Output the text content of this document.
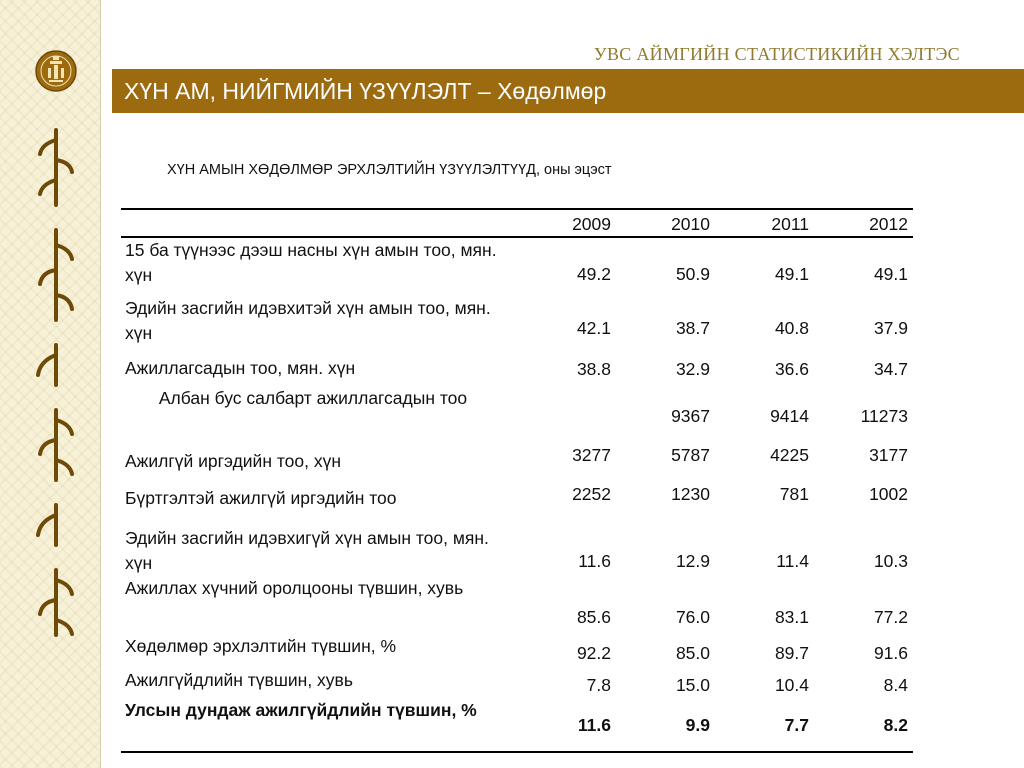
УВС АЙМГИЙН СТАТИСТИКИЙН ХЭЛТЭС
ХҮН АМ, НИЙГМИЙН ҮЗҮҮЛЭЛТ – Хөдөлмөр
ХҮН АМЫН ХӨДӨЛМӨР ЭРХЛЭЛТИЙН ҮЗҮҮЛЭЛТҮҮД, оны эцэст
	2009	2010	2011	2012
15 ба түүнээс дээш насны хүн амын тоо, мян. хүн	49.2	50.9	49.1	49.1
Эдийн засгийн идэвхитэй хүн амын тоо, мян. хүн	42.1	38.7	40.8	37.9
Ажиллагсадын тоо, мян. хүн	38.8	32.9	36.6	34.7
Албан бус салбарт ажиллагсадын тоо		9367	9414	11273
Ажилгүй иргэдийн тоо, хүн	3277	5787	4225	3177
Бүртгэлтэй ажилгүй иргэдийн тоо	2252	1230	781	1002
Эдийн засгийн идэвхигүй хүн амын тоо, мян. хүн	11.6	12.9	11.4	10.3
Ажиллах хүчний оролцооны түвшин, хувь	85.6	76.0	83.1	77.2
Хөдөлмөр эрхлэлтийн түвшин, %	92.2	85.0	89.7	91.6
Ажилгүйдлийн түвшин, хувь	7.8	15.0	10.4	8.4
Улсын дундаж ажилгүйдлийн түвшин, %	11.6	9.9	7.7	8.2
